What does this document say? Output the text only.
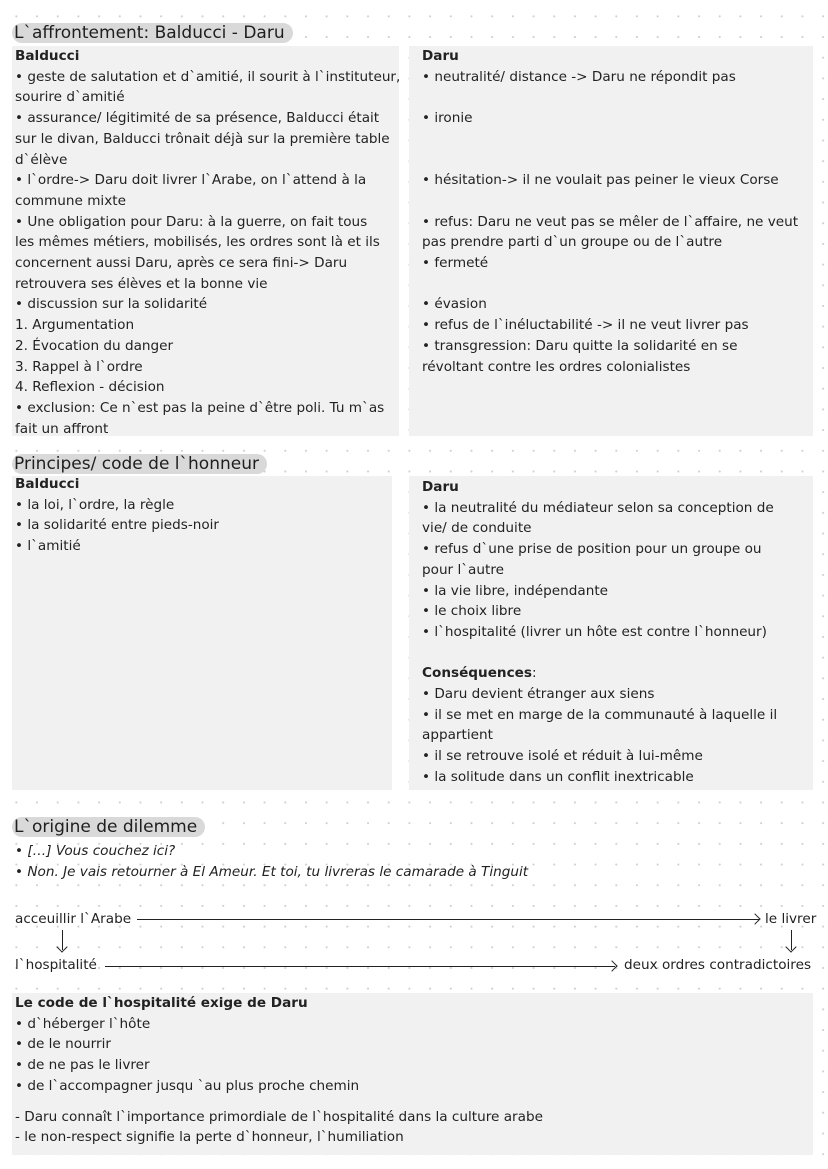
L`affrontement: Balducci - Daru
Balducci
• geste de salutation et d`amitié, il sourit à l`instituteur,
sourire d`amitié
• assurance/ légitimité de sa présence, Balducci était
sur le divan, Balducci trônait déjà sur la première table
d`élève
• l`ordre-> Daru doit livrer l`Arabe, on l`attend à la
commune mixte
• Une obligation pour Daru: à la guerre, on fait tous
les mêmes métiers, mobilisés, les ordres sont là et ils
concernent aussi Daru, après ce sera fini-> Daru
retrouvera ses élèves et la bonne vie
• discussion sur la solidarité
1. Argumentation
2. Évocation du danger
3. Rappel à l`ordre
4. Reflexion - décision
• exclusion: Ce n`est pas la peine d`être poli. Tu m`as
fait un affront
Daru
• neutralité/ distance -> Daru ne répondit pas

• ironie

• hésitation-> il ne voulait pas peiner le vieux Corse

• refus: Daru ne veut pas se mêler de l`affaire, ne veut
pas prendre parti d`un groupe ou de l`autre
• fermeté

• évasion
• refus de l`inéluctabilité -> il ne veut livrer pas
• transgression: Daru quitte la solidarité en se
révoltant contre les ordres colonialistes
Principes/ code de l`honneur
Balducci
• la loi, l`ordre, la règle
• la solidarité entre pieds-noir
• l`amitié
Daru
• la neutralité du médiateur selon sa conception de
vie/ de conduite
• refus d`une prise de position pour un groupe ou
pour l`autre
• la vie libre, indépendante
• le choix libre
• l`hospitalité (livrer un hôte est contre l`honneur)

Conséquences:
• Daru devient étranger aux siens
• il se met en marge de la communauté à laquelle il
appartient
• il se retrouve isolé et réduit à lui-même
• la solitude dans un conflit inextricable
L`origine de dilemme
• […] Vous couchez ici?
• Non. Je vais retourner à El Ameur. Et toi, tu livreras le camarade à Tinguit
acceuillir l`Arabe	le livrer
l`hospitalité	deux ordres contradictoires
Le code de l`hospitalité exige de Daru
• d`héberger l`hôte
• de le nourrir
• de ne pas le livrer
• de l`accompagner jusqu `au plus proche chemin
- Daru connaît l`importance primordiale de l`hospitalité dans la culture arabe
- le non-respect signifie la perte d`honneur, l`humiliation
